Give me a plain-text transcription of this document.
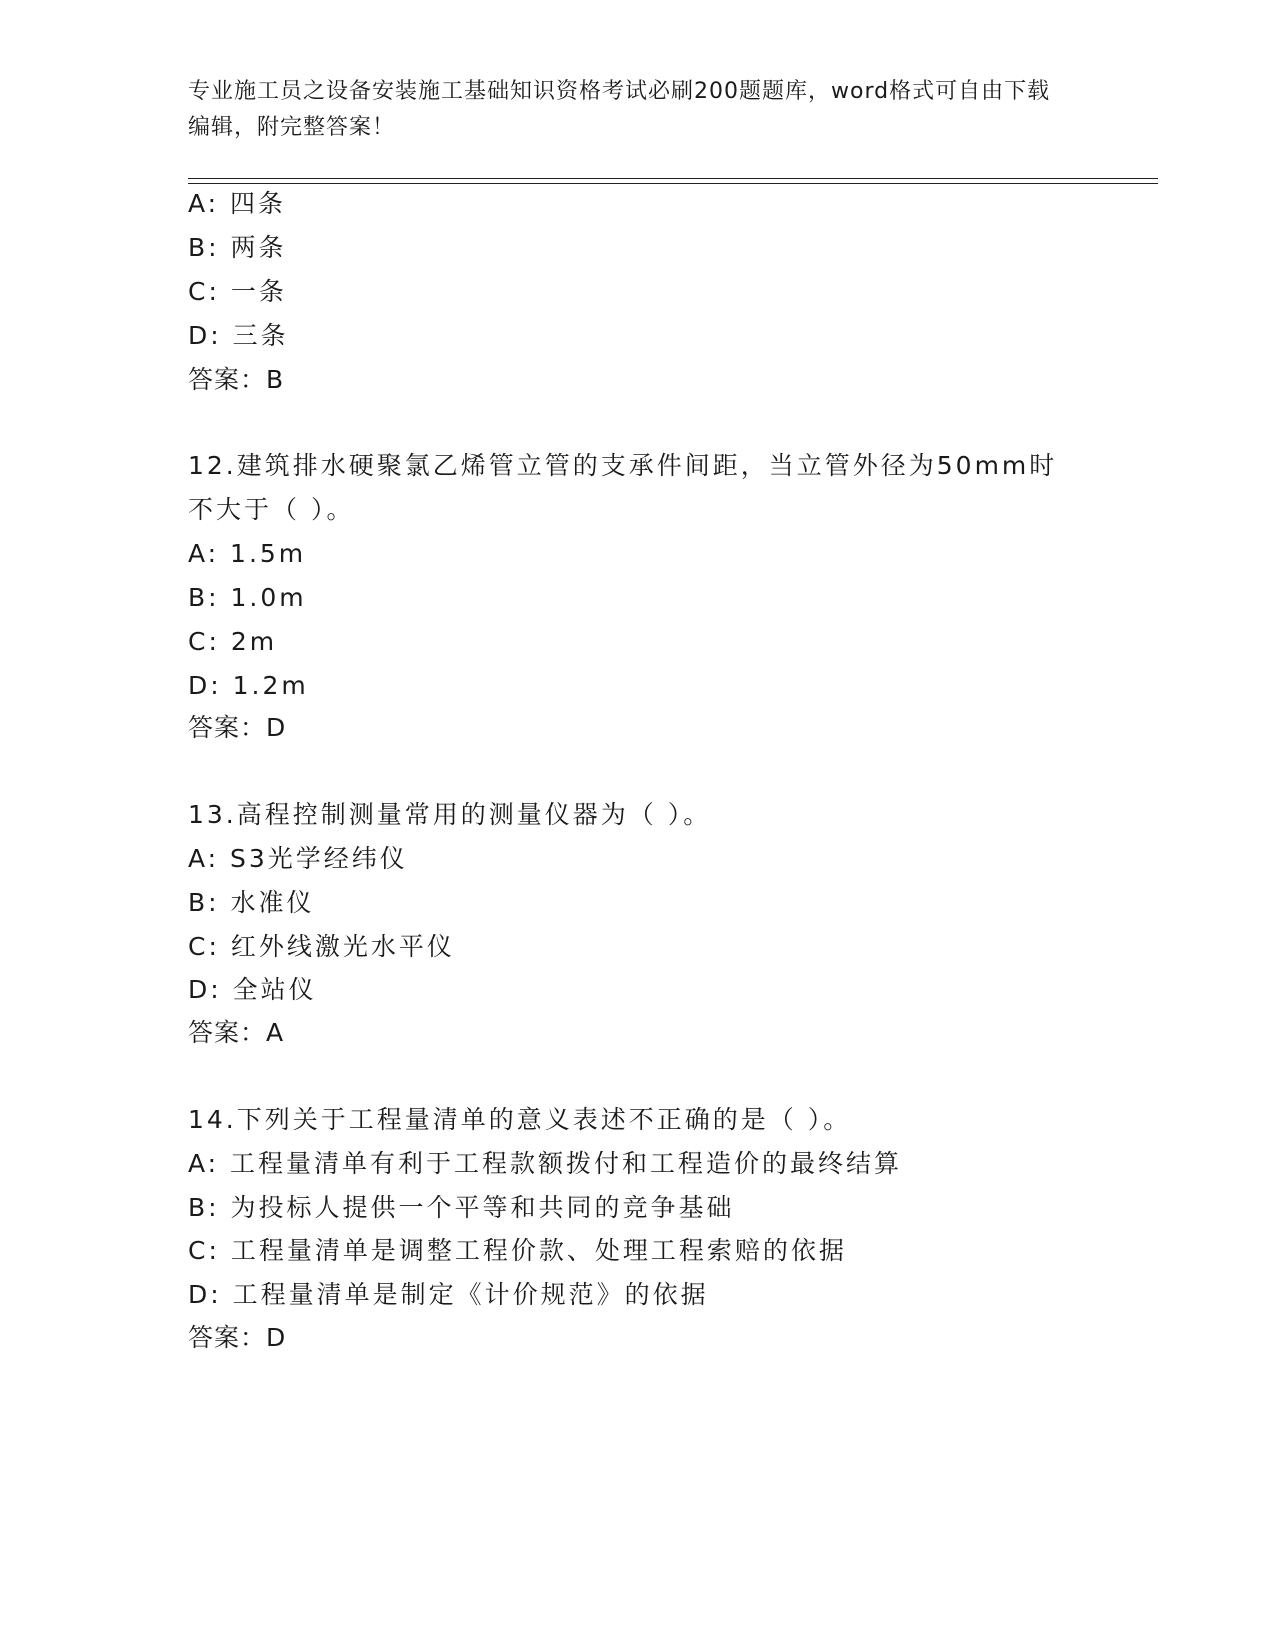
专业施工员之设备安装施工基础知识资格考试必刷200题题库，word格式可自由下载编辑，附完整答案！
A: 四条
B: 两条
C: 一条
D: 三条
答案：B
12.建筑排水硬聚氯乙烯管立管的支承件间距，当立管外径为50mm时
不大于（ ）。
A: 1.5m
B: 1.0m
C: 2m
D: 1.2m
答案：D
13.高程控制测量常用的测量仪器为（ ）。
A: S3光学经纬仪
B: 水准仪
C: 红外线激光水平仪
D: 全站仪
答案：A
14.下列关于工程量清单的意义表述不正确的是（ ）。
A: 工程量清单有利于工程款额拨付和工程造价的最终结算
B: 为投标人提供一个平等和共同的竞争基础
C: 工程量清单是调整工程价款、处理工程索赔的依据
D: 工程量清单是制定《计价规范》的依据
答案：D
